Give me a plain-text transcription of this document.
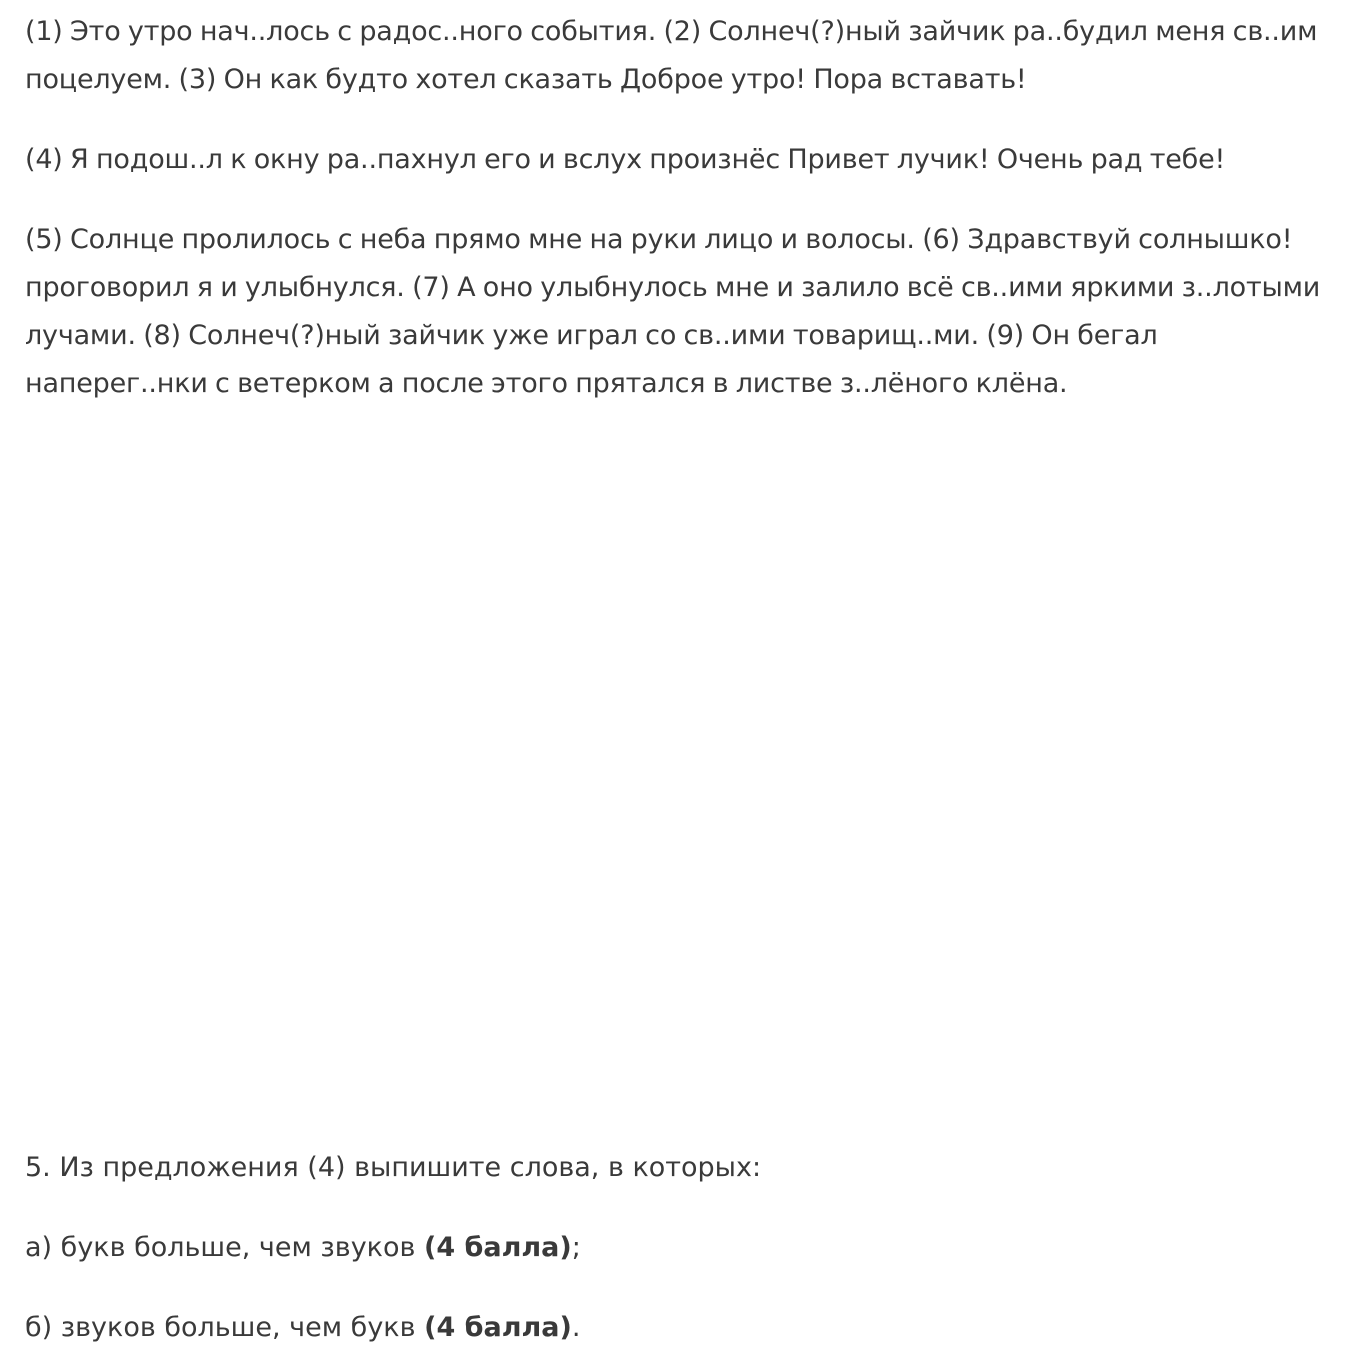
(1) Это утро нач..лось с радос..ного события. (2) Солнеч(?)ный зайчик ра..будил меня св..им поцелуем. (3) Он как будто хотел сказать Доброе утро! Пора вставать!

(4) Я подош..л к окну ра..пахнул его и вслух произнёс Привет лучик! Очень рад тебе!

(5) Солнце пролилось с неба прямо мне на руки лицо и волосы. (6) Здравствуй солнышко! проговорил я и улыбнулся. (7) А оно улыбнулось мне и залило всё св..ими яркими з..лотыми лучами. (8) Солнеч(?)ный зайчик уже играл со св..ими товарищ..ми. (9) Он бегал наперег..нки с ветерком а после этого прятался в листве з..лёного клёна.

5. Из предложения (4) выпишите слова, в которых:

а) букв больше, чем звуков (4 балла);

б) звуков больше, чем букв (4 балла).
